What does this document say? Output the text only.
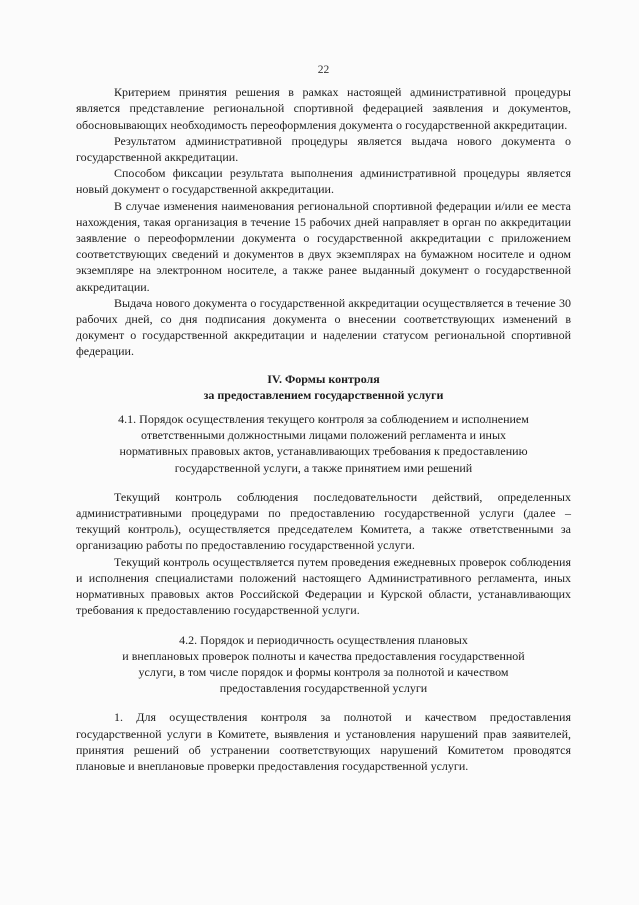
22

Критерием принятия решения в рамках настоящей административной процедуры является представление региональной спортивной федерацией заявления и документов, обосновывающих необходимость переоформления документа о государственной аккредитации.

Результатом административной процедуры является выдача нового документа о государственной аккредитации.

Способом фиксации результата выполнения административной процедуры является новый документ о государственной аккредитации.

В случае изменения наименования региональной спортивной федерации и/или ее места нахождения, такая организация в течение 15 рабочих дней направляет в орган по аккредитации заявление о переоформлении документа о государственной аккредитации с приложением соответствующих сведений и документов в двух экземплярах на бумажном носителе и одном экземпляре на электронном носителе, а также ранее выданный документ о государственной аккредитации.

Выдача нового документа о государственной аккредитации осуществляется в течение 30 рабочих дней, со дня подписания документа о внесении соответствующих изменений в документ о государственной аккредитации и наделении статусом региональной спортивной федерации.

IV. Формы контроля

за предоставлением государственной услуги

4.1. Порядок осуществления текущего контроля за соблюдением и исполнением

ответственными должностными лицами положений регламента и иных

нормативных правовых актов, устанавливающих требования к предоставлению

государственной услуги, а также принятием ими решений

Текущий контроль соблюдения последовательности действий, определенных административными процедурами по предоставлению государственной услуги (далее – текущий контроль), осуществляется председателем Комитета, а также ответственными за организацию работы по предоставлению государственной услуги.

Текущий контроль осуществляется путем проведения ежедневных проверок соблюдения и исполнения специалистами положений настоящего Административного регламента, иных нормативных правовых актов Российской Федерации и Курской области, устанавливающих требования к предоставлению государственной услуги.

4.2. Порядок и периодичность осуществления плановых

и внеплановых проверок полноты и качества предоставления государственной

услуги, в том числе порядок и формы контроля за полнотой и качеством

предоставления государственной услуги

1. Для осуществления контроля за полнотой и качеством предоставления государственной услуги в Комитете, выявления и установления нарушений прав заявителей, принятия решений об устранении соответствующих нарушений Комитетом проводятся плановые и внеплановые проверки предоставления государственной услуги.
